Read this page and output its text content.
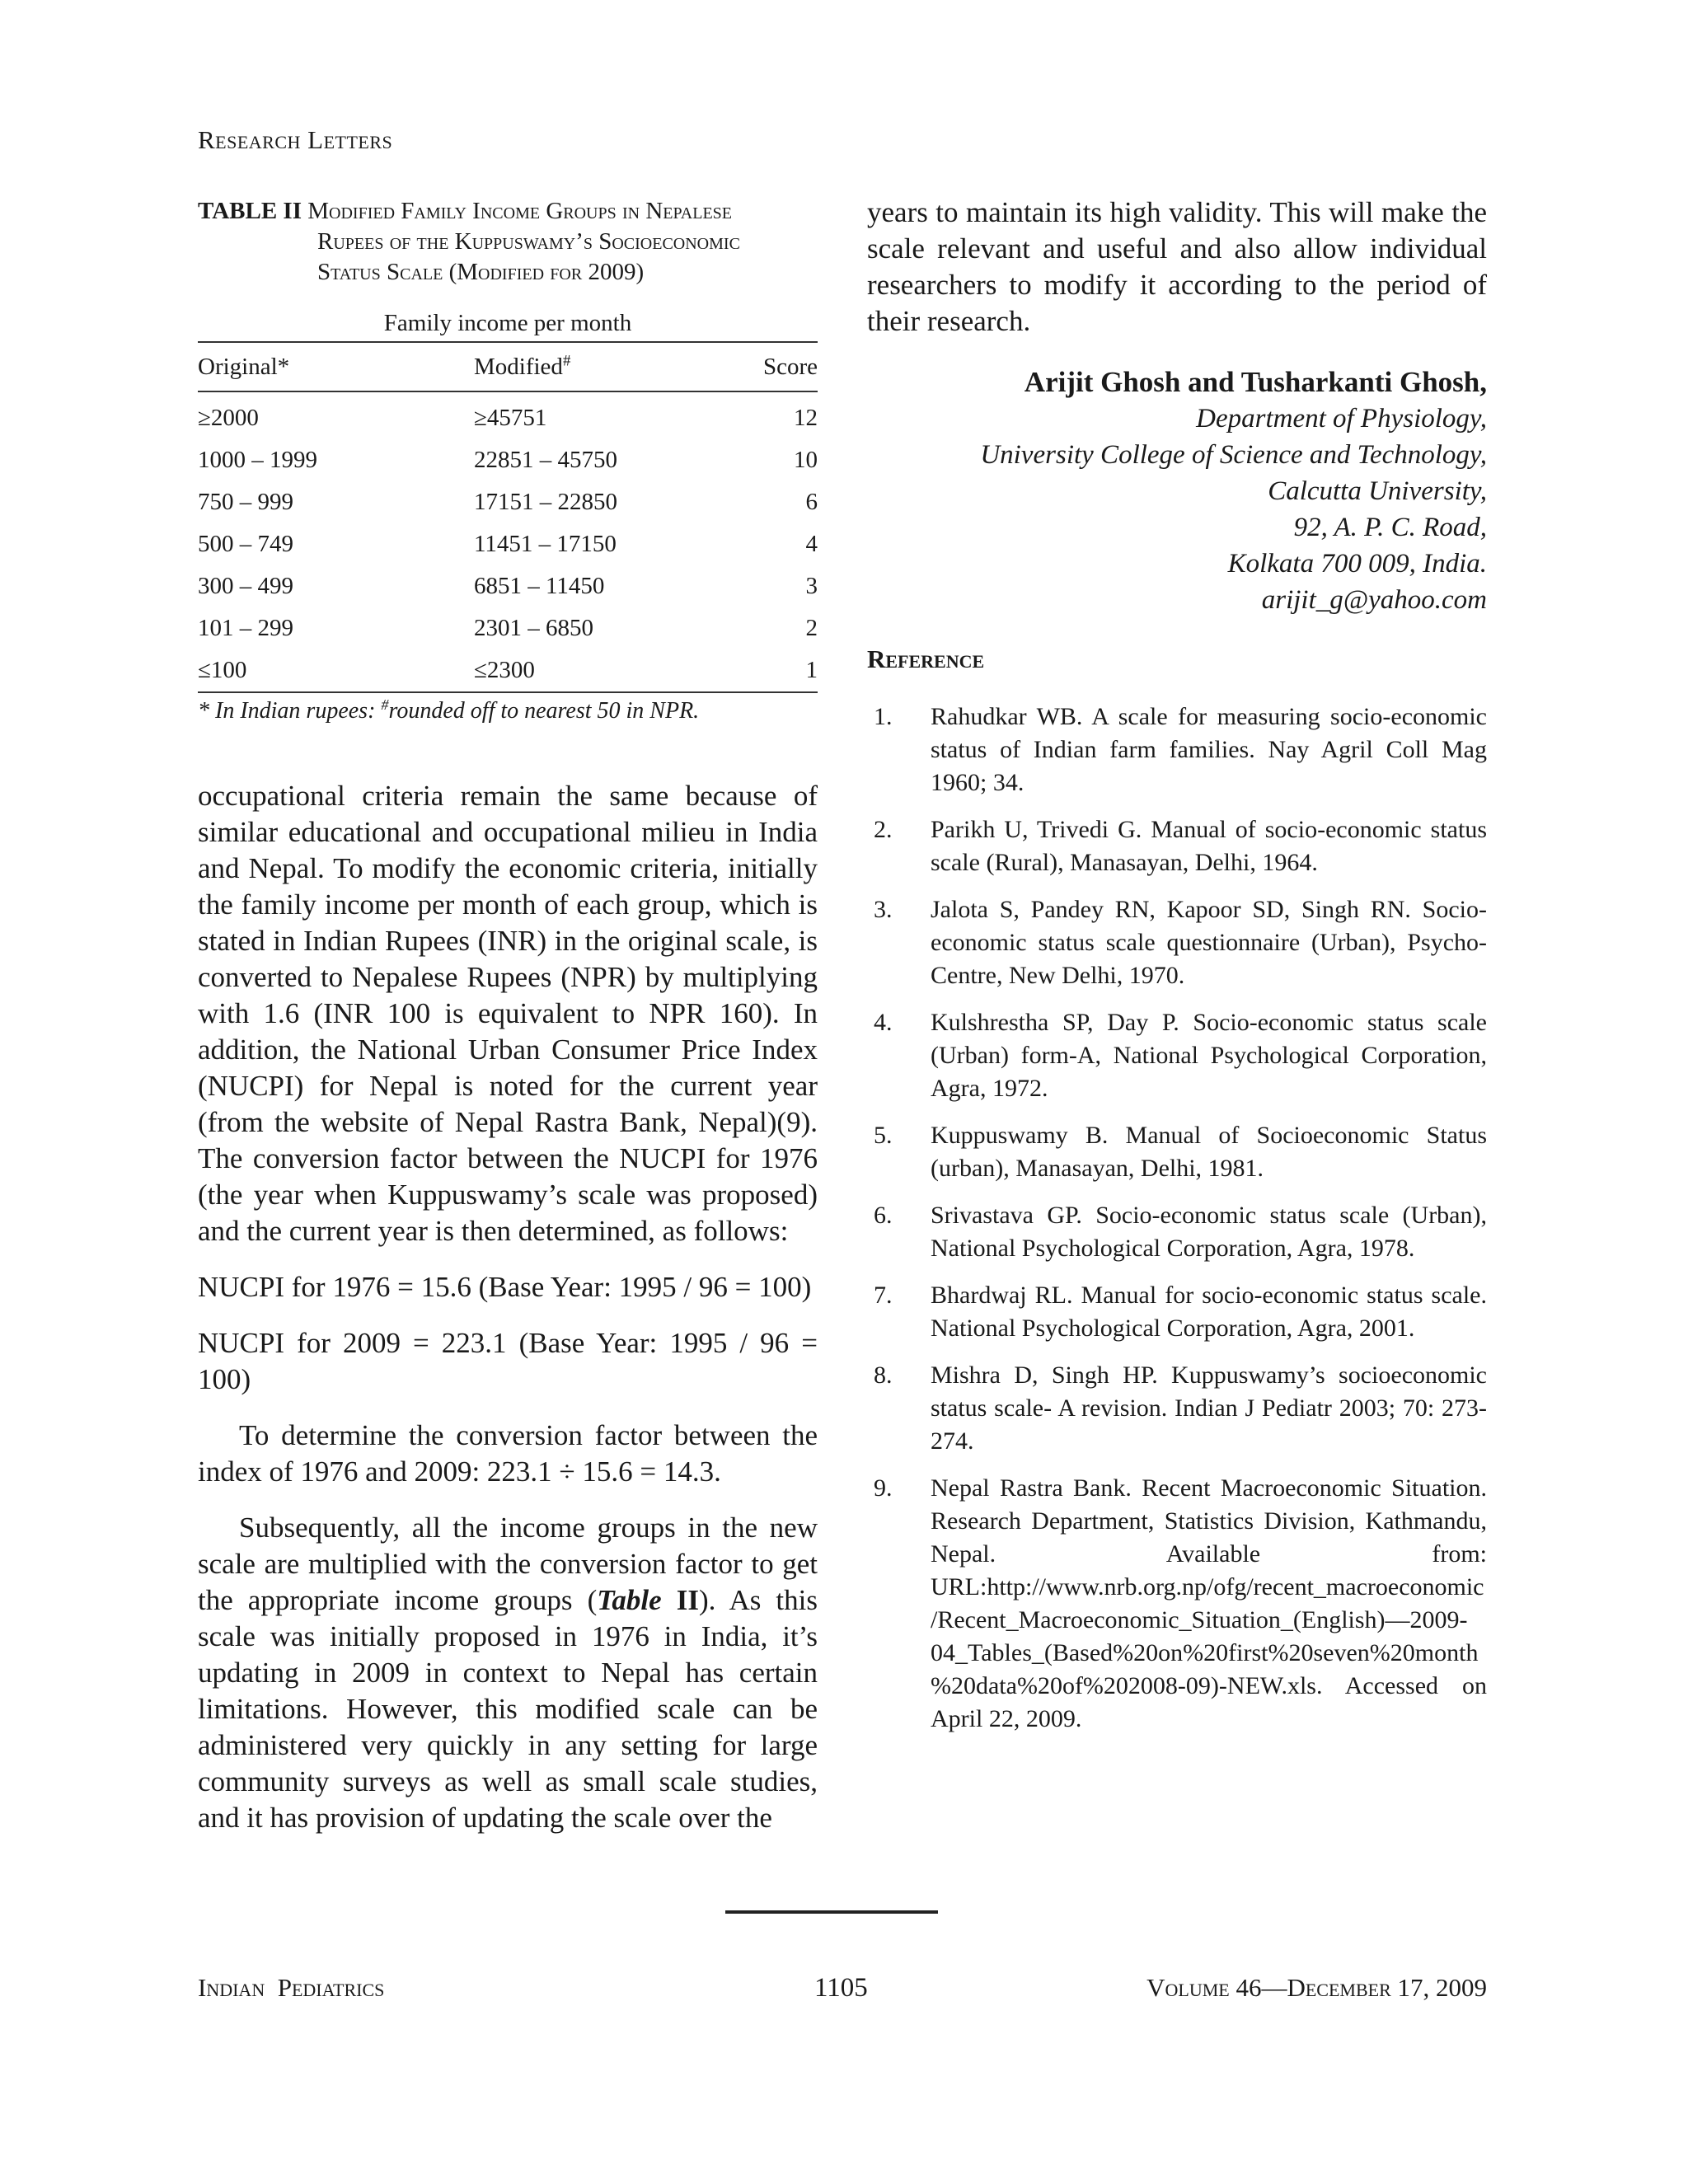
Research Letters
TABLE II Modified Family Income Groups in Nepalese
Rupees of the Kuppuswamy’s Socioeconomic
Status Scale (Modified for 2009)
Family income per month
Original*	Modified#	Score
≥2000	≥45751	12
1000 – 1999	22851 – 45750	10
750 – 999	17151 – 22850	6
500 – 749	11451 – 17150	4
300 – 499	6851 – 11450	3
101 – 299	2301 – 6850	2
≤100	≤2300	1
* In Indian rupees: #rounded off to nearest 50 in NPR.

occupational criteria remain the same because of similar educational and occupational milieu in India and Nepal. To modify the economic criteria, initially the family income per month of each group, which is stated in Indian Rupees (INR) in the original scale, is converted to Nepalese Rupees (NPR) by multiplying with 1.6 (INR 100 is equivalent to NPR 160). In addition, the National Urban Consumer Price Index (NUCPI) for Nepal is noted for the current year (from the website of Nepal Rastra Bank, Nepal)(9). The conversion factor between the NUCPI for 1976 (the year when Kuppuswamy’s scale was proposed) and the current year is then determined, as follows:

NUCPI for 1976 = 15.6 (Base Year: 1995 / 96 = 100)

NUCPI for 2009 = 223.1 (Base Year: 1995 / 96 = 100)

To determine the conversion factor between the index of 1976 and 2009: 223.1 ÷ 15.6 = 14.3.

Subsequently, all the income groups in the new scale are multiplied with the conversion factor to get the appropriate income groups (Table II). As this scale was initially proposed in 1976 in India, it’s updating in 2009 in context to Nepal has certain limitations. However, this modified scale can be administered very quickly in any setting for large community surveys as well as small scale studies, and it has provision of updating the scale over the

years to maintain its high validity. This will make the scale relevant and useful and also allow individual researchers to modify it according to the period of their research.

Arijit Ghosh and Tusharkanti Ghosh,
Department of Physiology,
University College of Science and Technology,
Calcutta University,
92, A. P. C. Road,
Kolkata 700 009, India.
arijit_g@yahoo.com
Reference
1.	Rahudkar WB. A scale for measuring socio-economic status of Indian farm families. Nay Agril Coll Mag 1960; 34.
2.	Parikh U, Trivedi G. Manual of socio-economic status scale (Rural), Manasayan, Delhi, 1964.
3.	Jalota S, Pandey RN, Kapoor SD, Singh RN. Socio-economic status scale questionnaire (Urban), Psycho-Centre, New Delhi, 1970.
4.	Kulshrestha SP, Day P. Socio-economic status scale (Urban) form-A, National Psychological Corporation, Agra, 1972.
5.	Kuppuswamy B. Manual of Socioeconomic Status (urban), Manasayan, Delhi, 1981.
6.	Srivastava GP. Socio-economic status scale (Urban), National Psychological Corporation, Agra, 1978.
7.	Bhardwaj RL. Manual for socio-economic status scale. National Psychological Corporation, Agra, 2001.
8.	Mishra D, Singh HP. Kuppuswamy’s socioeconomic status scale- A revision. Indian J Pediatr 2003; 70: 273-274.
9.	Nepal Rastra Bank. Recent Macroeconomic Situation. Research Department, Statistics Division, Kathmandu, Nepal. Available from: URL:http://www.nrb.org.np/ofg/recent_macroeconomic/Recent_Macroeconomic_Situation_(English)—2009-04_Tables_(Based%20on%20first%20seven%20month%20data%20of%202008-09)-NEW.xls. Accessed on April 22, 2009.
Indian  Pediatrics	1105	Volume 46—December 17, 2009
